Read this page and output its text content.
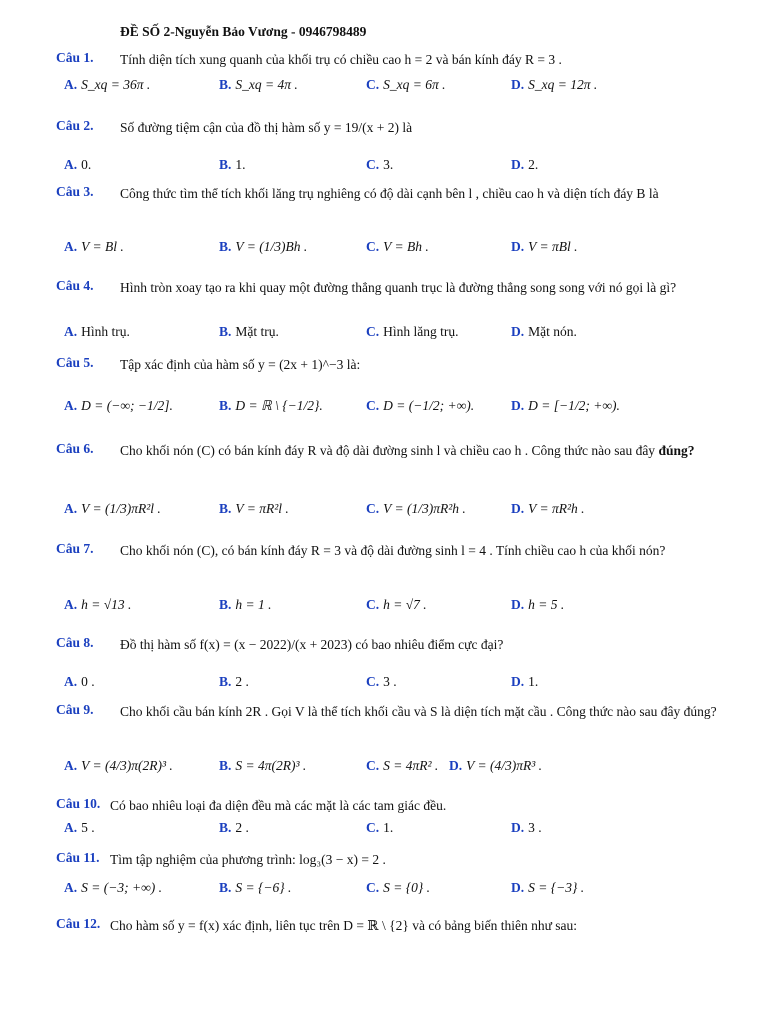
ĐỀ SỐ 2-Nguyễn Bảo Vương - 0946798489
Câu 1. Tính diện tích xung quanh của khối trụ có chiều cao h = 2 và bán kính đáy R = 3 .
A. S_xq = 36π .	B. S_xq = 4π .	C. S_xq = 6π .	D. S_xq = 12π .
Câu 2. Số đường tiệm cận của đồ thị hàm số y = 19/(x + 2) là
A. 0.	B. 1.	C. 3.	D. 2.
Câu 3. Công thức tìm thể tích khối lăng trụ nghiêng có độ dài cạnh bên l , chiều cao h và diện tích đáy B là
A. V = Bl .	B. V = (1/3)Bh .	C. V = Bh .	D. V = πBl .
Câu 4. Hình tròn xoay tạo ra khi quay một đường thẳng quanh trục là đường thẳng song song với nó gọi là gì?
A. Hình trụ.	B. Mặt trụ.	C. Hình lăng trụ.	D. Mặt nón.
Câu 5. Tập xác định của hàm số y = (2x + 1)^−3 là:
A. D = (−∞; −1/2].	B. D = ℝ \ {−1/2}.	C. D = (−1/2; +∞).	D. D = [−1/2; +∞).
Câu 6. Cho khối nón (C) có bán kính đáy R và độ dài đường sinh l và chiều cao h . Công thức nào sau đây đúng?
A. V = (1/3)πR²l .	B. V = πR²l .	C. V = (1/3)πR²h .	D. V = πR²h .
Câu 7. Cho khối nón (C), có bán kính đáy R = 3 và độ dài đường sinh l = 4 . Tính chiều cao h của khối nón?
A. h = √13 .	B. h = 1 .	C. h = √7 .	D. h = 5 .
Câu 8. Đồ thị hàm số f(x) = (x − 2022)/(x + 2023) có bao nhiêu điểm cực đại?
A. 0 .	B. 2 .	C. 3 .	D. 1.
Câu 9. Cho khối cầu bán kính 2R . Gọi V là thể tích khối cầu và S là diện tích mặt cầu . Công thức nào sau đây đúng?
A. V = (4/3)π(2R)³ .	B. S = 4π(2R)³ .	C. S = 4πR² . D. V = (4/3)πR³ .
Câu 10. Có bao nhiêu loại đa diện đều mà các mặt là các tam giác đều.
A. 5 .	B. 2 .	C. 1.	D. 3 .
Câu 11. Tìm tập nghiệm của phương trình: log₃(3 − x) = 2 .
A. S = (−3; +∞) .	B. S = {−6} .	C. S = {0} .	D. S = {−3} .
Câu 12. Cho hàm số y = f(x) xác định, liên tục trên D = ℝ \ {2} và có bảng biến thiên như sau:
